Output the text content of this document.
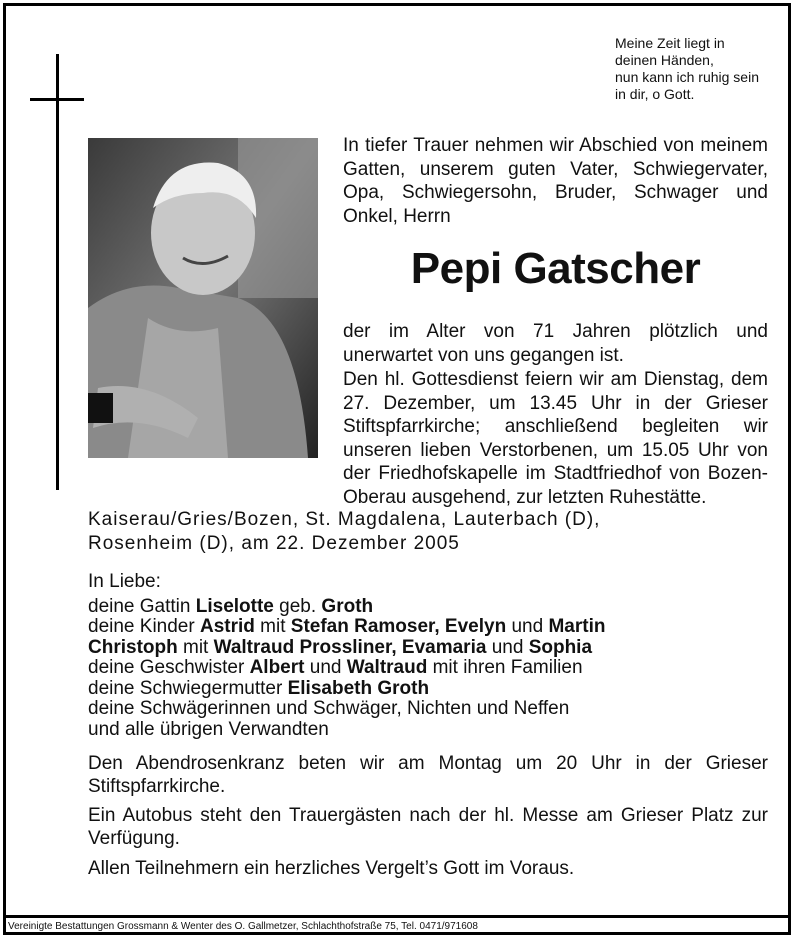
Meine Zeit liegt in
deinen Händen,
nun kann ich ruhig sein
in dir, o Gott.
In tiefer Trauer nehmen wir Abschied von meinem Gatten, unserem guten Vater, Schwiegervater, Opa, Schwiegersohn, Bruder, Schwager und Onkel, Herrn
Pepi Gatscher
der im Alter von 71 Jahren plötzlich und unerwartet von uns gegangen ist.
Den hl. Gottesdienst feiern wir am Dienstag, dem 27. Dezember, um 13.45 Uhr in der Grieser Stiftspfarrkirche; anschließend begleiten wir unseren lieben Verstorbenen, um 15.05 Uhr von der Friedhofskapelle im Stadtfriedhof von Bozen-Oberau ausgehend, zur letzten Ruhestätte.
Kaiserau/Gries/Bozen, St. Magdalena, Lauterbach (D),
Rosenheim (D), am 22. Dezember 2005

In Liebe:

deine Gattin Liselotte geb. Groth

deine Kinder Astrid mit Stefan Ramoser, Evelyn und Martin

Christoph mit Waltraud Prossliner, Evamaria und Sophia

deine Geschwister Albert und Waltraud mit ihren Familien

deine Schwiegermutter Elisabeth Groth

deine Schwägerinnen und Schwäger, Nichten und Neffen

und alle übrigen Verwandten

Den Abendrosenkranz beten wir am Montag um 20 Uhr in der Grieser Stiftspfarrkirche.
Ein Autobus steht den Trauergästen nach der hl. Messe am Grieser Platz zur Verfügung.
Allen Teilnehmern ein herzliches Vergelt’s Gott im Voraus.
Vereinigte Bestattungen Grossmann & Wenter des O. Gallmetzer, Schlachthofstraße 75, Tel. 0471/971608
